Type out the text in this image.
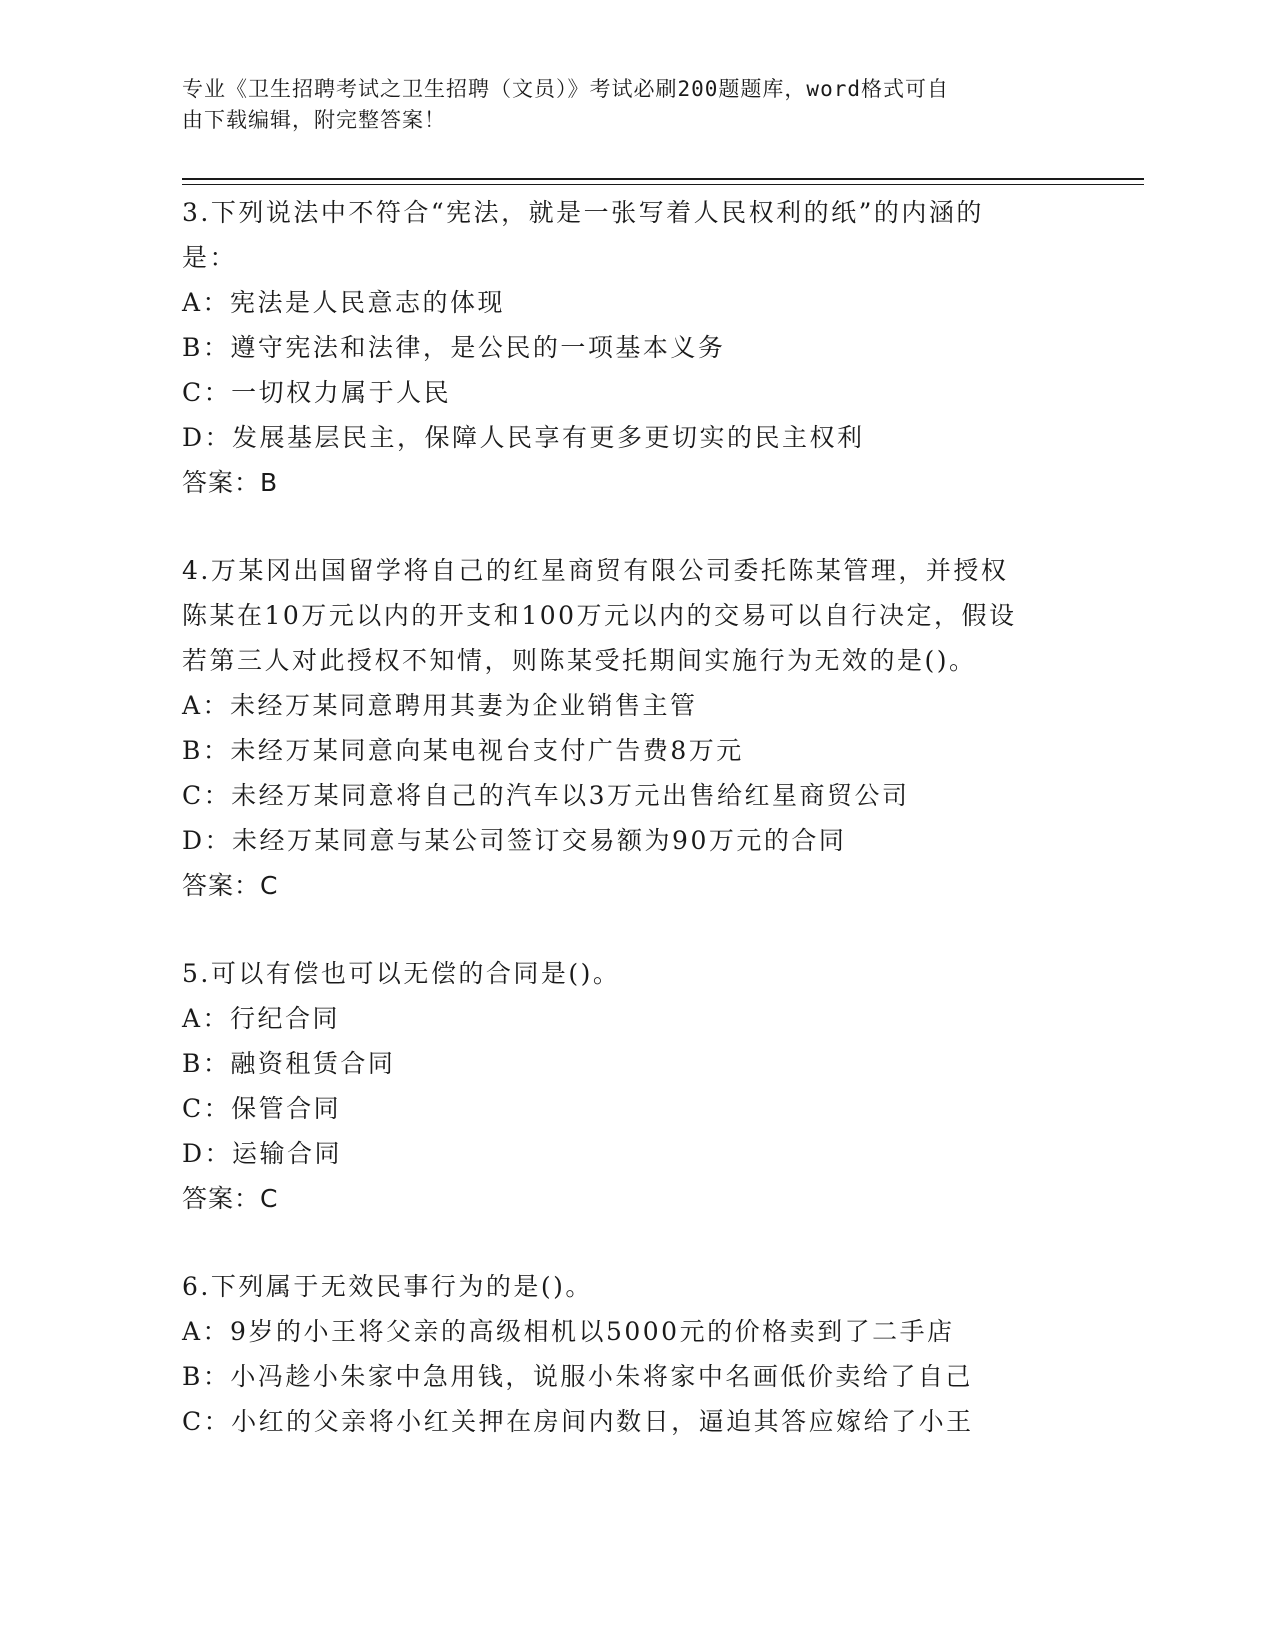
专业《卫生招聘考试之卫生招聘（文员）》考试必刷200题题库，word格式可自
由下载编辑，附完整答案！
3.下列说法中不符合“宪法，就是一张写着人民权利的纸”的内涵的
是：
A：宪法是人民意志的体现
B：遵守宪法和法律，是公民的一项基本义务
C：一切权力属于人民
D：发展基层民主，保障人民享有更多更切实的民主权利
答案：B
4.万某冈出国留学将自己的红星商贸有限公司委托陈某管理，并授权
陈某在10万元以内的开支和100万元以内的交易可以自行决定，假设
若第三人对此授权不知情，则陈某受托期间实施行为无效的是()。
A：未经万某同意聘用其妻为企业销售主管
B：未经万某同意向某电视台支付广告费8万元
C：未经万某同意将自己的汽车以3万元出售给红星商贸公司
D：未经万某同意与某公司签订交易额为90万元的合同
答案：C
5.可以有偿也可以无偿的合同是()。
A：行纪合同
B：融资租赁合同
C：保管合同
D：运输合同
答案：C
6.下列属于无效民事行为的是()。
A：9岁的小王将父亲的高级相机以5000元的价格卖到了二手店
B：小冯趁小朱家中急用钱，说服小朱将家中名画低价卖给了自己
C：小红的父亲将小红关押在房间内数日，逼迫其答应嫁给了小王
